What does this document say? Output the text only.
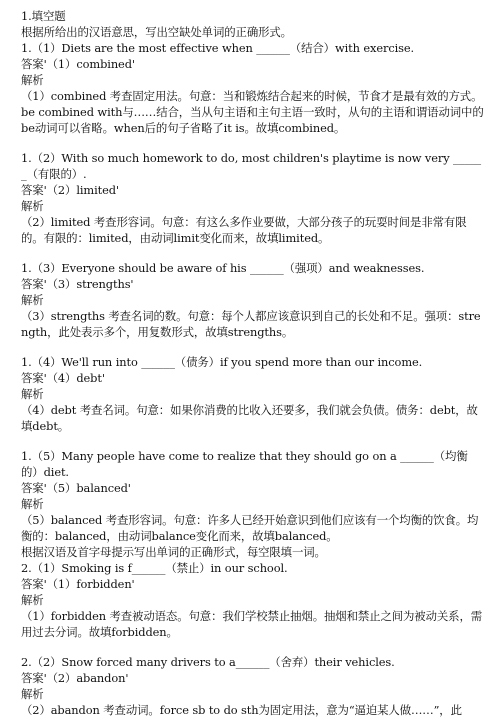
1.填空题
根据所给出的汉语意思，写出空缺处单词的正确形式。
1.（1）Diets are the most effective when ______（结合）with exercise.
答案'（1）combined'
解析
（1）combined 考查固定用法。句意：当和锻炼结合起来的时候，节食才是最有效的方式。be combined with与……结合，当从句主语和主句主语一致时，从句的主语和谓语动词中的be动词可以省略。when后的句子省略了it is。故填combined。
1.（2）With so much homework to do, most children's playtime is now very ______（有限的）.
答案'（2）limited'
解析
（2）limited 考查形容词。句意：有这么多作业要做，大部分孩子的玩耍时间是非常有限的。有限的：limited，由动词limit变化而来，故填limited。
1.（3）Everyone should be aware of his ______（强项）and weaknesses.
答案'（3）strengths'
解析
（3）strengths 考查名词的数。句意：每个人都应该意识到自己的长处和不足。强项：strength，此处表示多个，用复数形式，故填strengths。
1.（4）We'll run into ______（债务）if you spend more than our income.
答案'（4）debt'
解析
（4）debt 考查名词。句意：如果你消费的比收入还要多，我们就会负债。债务：debt，故填debt。
1.（5）Many people have come to realize that they should go on a ______（均衡的）diet.
答案'（5）balanced'
解析
（5）balanced 考查形容词。句意：许多人已经开始意识到他们应该有一个均衡的饮食。均衡的：balanced，由动词balance变化而来，故填balanced。
根据汉语及首字母提示写出单词的正确形式，每空限填一词。
2.（1）Smoking is f______（禁止）in our school.
答案'（1）forbidden'
解析
（1）forbidden 考查被动语态。句意：我们学校禁止抽烟。抽烟和禁止之间为被动关系，需用过去分词。故填forbidden。
2.（2）Snow forced many drivers to a______（舍弃）their vehicles.
答案'（2）abandon'
解析
（2）abandon 考查动词。force sb to do sth为固定用法，意为“逼迫某人做……”，此
